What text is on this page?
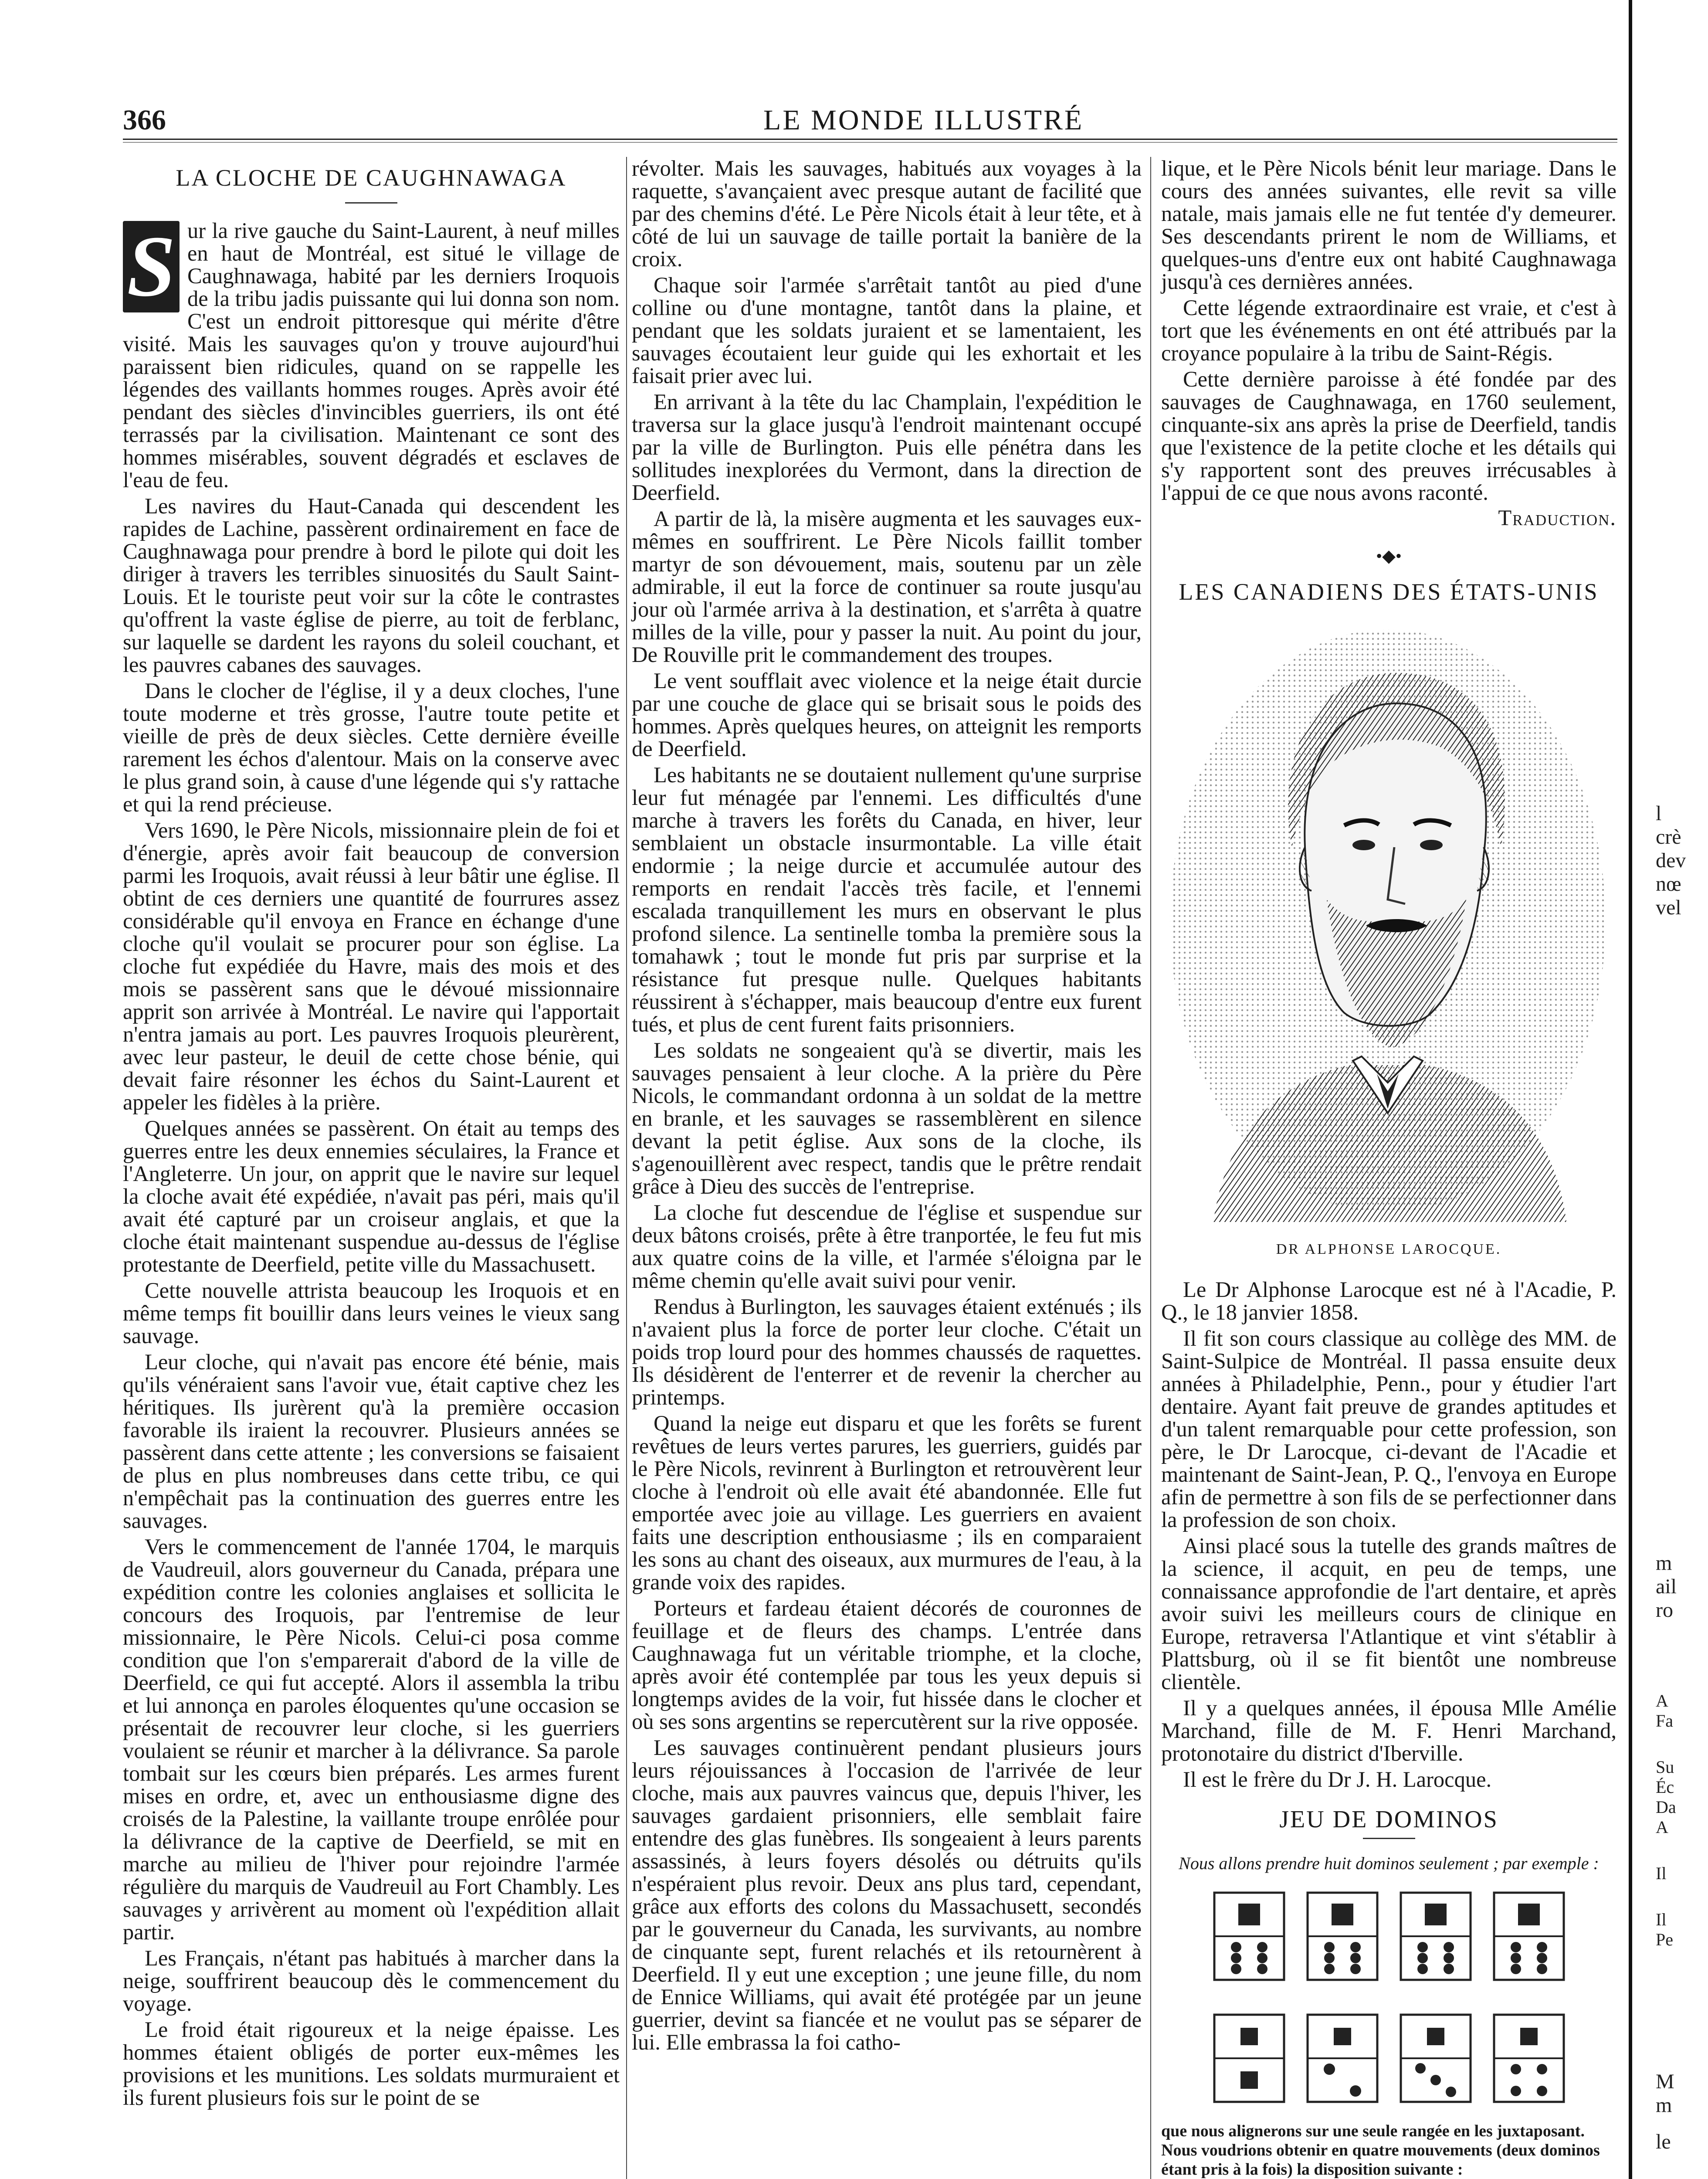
366	LE MONDE ILLUSTRÉ
LA CLOCHE DE CAUGHNAWAGA

S ur la rive gauche du Saint-Laurent, à neuf milles en haut de Montréal, est situé le village de Caughnawaga, habité par les derniers Iroquois de la tribu jadis puissante qui lui donna son nom. C'est un endroit pittoresque qui mérite d'être visité. Mais les sauvages qu'on y trouve aujourd'hui paraissent bien ridicules, quand on se rappelle les légendes des vaillants hommes rouges. Après avoir été pendant des siècles d'invincibles guerriers, ils ont été terrassés par la civilisation. Maintenant ce sont des hommes misérables, souvent dégradés et esclaves de l'eau de feu.

Les navires du Haut-Canada qui descendent les rapides de Lachine, passèrent ordinairement en face de Caughnawaga pour prendre à bord le pilote qui doit les diriger à travers les terribles sinuosités du Sault Saint-Louis. Et le touriste peut voir sur la côte le contrastes qu'offrent la vaste église de pierre, au toit de ferblanc, sur laquelle se dardent les rayons du soleil couchant, et les pauvres cabanes des sauvages.

Dans le clocher de l'église, il y a deux cloches, l'une toute moderne et très grosse, l'autre toute petite et vieille de près de deux siècles. Cette dernière éveille rarement les échos d'alentour. Mais on la conserve avec le plus grand soin, à cause d'une légende qui s'y rattache et qui la rend précieuse.

Vers 1690, le Père Nicols, missionnaire plein de foi et d'énergie, après avoir fait beaucoup de conversion parmi les Iroquois, avait réussi à leur bâtir une église. Il obtint de ces derniers une quantité de fourrures assez considérable qu'il envoya en France en échange d'une cloche qu'il voulait se procurer pour son église. La cloche fut expédiée du Havre, mais des mois et des mois se passèrent sans que le dévoué missionnaire apprit son arrivée à Montréal. Le navire qui l'apportait n'entra jamais au port. Les pauvres Iroquois pleurèrent, avec leur pasteur, le deuil de cette chose bénie, qui devait faire résonner les échos du Saint-Laurent et appeler les fidèles à la prière.

Quelques années se passèrent. On était au temps des guerres entre les deux ennemies séculaires, la France et l'Angleterre. Un jour, on apprit que le navire sur lequel la cloche avait été expédiée, n'avait pas péri, mais qu'il avait été capturé par un croiseur anglais, et que la cloche était maintenant suspendue au-dessus de l'église protestante de Deerfield, petite ville du Massachusett.

Cette nouvelle attrista beaucoup les Iroquois et en même temps fit bouillir dans leurs veines le vieux sang sauvage.

Leur cloche, qui n'avait pas encore été bénie, mais qu'ils vénéraient sans l'avoir vue, était captive chez les héritiques. Ils jurèrent qu'à la première occasion favorable ils iraient la recouvrer. Plusieurs années se passèrent dans cette attente ; les conversions se faisaient de plus en plus nombreuses dans cette tribu, ce qui n'empêchait pas la continuation des guerres entre les sauvages.

Vers le commencement de l'année 1704, le marquis de Vaudreuil, alors gouverneur du Canada, prépara une expédition contre les colonies anglaises et sollicita le concours des Iroquois, par l'entremise de leur missionnaire, le Père Nicols. Celui-ci posa comme condition que l'on s'emparerait d'abord de la ville de Deerfield, ce qui fut accepté. Alors il assembla la tribu et lui annonça en paroles éloquentes qu'une occasion se présentait de recouvrer leur cloche, si les guerriers voulaient se réunir et marcher à la délivrance. Sa parole tombait sur les cœurs bien préparés. Les armes furent mises en ordre, et, avec un enthousiasme digne des croisés de la Palestine, la vaillante troupe enrôlée pour la délivrance de la captive de Deerfield, se mit en marche au milieu de l'hiver pour rejoindre l'armée régulière du marquis de Vaudreuil au Fort Chambly. Les sauvages y arrivèrent au moment où l'expédition allait partir.

Les Français, n'étant pas habitués à marcher dans la neige, souffrirent beaucoup dès le commencement du voyage.

Le froid était rigoureux et la neige épaisse. Les hommes étaient obligés de porter eux-mêmes les provisions et les munitions. Les soldats murmuraient et ils furent plusieurs fois sur le point de se

révolter. Mais les sauvages, habitués aux voyages à la raquette, s'avançaient avec presque autant de facilité que par des chemins d'été. Le Père Nicols était à leur tête, et à côté de lui un sauvage de taille portait la banière de la croix.

Chaque soir l'armée s'arrêtait tantôt au pied d'une colline ou d'une montagne, tantôt dans la plaine, et pendant que les soldats juraient et se lamentaient, les sauvages écoutaient leur guide qui les exhortait et les faisait prier avec lui.

En arrivant à la tête du lac Champlain, l'expédition le traversa sur la glace jusqu'à l'endroit maintenant occupé par la ville de Burlington. Puis elle pénétra dans les sollitudes inexplorées du Vermont, dans la direction de Deerfield.

A partir de là, la misère augmenta et les sauvages eux-mêmes en souffrirent. Le Père Nicols faillit tomber martyr de son dévouement, mais, soutenu par un zèle admirable, il eut la force de continuer sa route jusqu'au jour où l'armée arriva à la destination, et s'arrêta à quatre milles de la ville, pour y passer la nuit. Au point du jour, De Rouville prit le commandement des troupes.

Le vent soufflait avec violence et la neige était durcie par une couche de glace qui se brisait sous le poids des hommes. Après quelques heures, on atteignit les remports de Deerfield.

Les habitants ne se doutaient nullement qu'une surprise leur fut ménagée par l'ennemi. Les difficultés d'une marche à travers les forêts du Canada, en hiver, leur semblaient un obstacle insurmontable. La ville était endormie ; la neige durcie et accumulée autour des remports en rendait l'accès très facile, et l'ennemi escalada tranquillement les murs en observant le plus profond silence. La sentinelle tomba la première sous la tomahawk ; tout le monde fut pris par surprise et la résistance fut presque nulle. Quelques habitants réussirent à s'échapper, mais beaucoup d'entre eux furent tués, et plus de cent furent faits prisonniers.

Les soldats ne songeaient qu'à se divertir, mais les sauvages pensaient à leur cloche. A la prière du Père Nicols, le commandant ordonna à un soldat de la mettre en branle, et les sauvages se rassemblèrent en silence devant la petit église. Aux sons de la cloche, ils s'agenouillèrent avec respect, tandis que le prêtre rendait grâce à Dieu des succès de l'entreprise.

La cloche fut descendue de l'église et suspendue sur deux bâtons croisés, prête à être tranportée, le feu fut mis aux quatre coins de la ville, et l'armée s'éloigna par le même chemin qu'elle avait suivi pour venir.

Rendus à Burlington, les sauvages étaient exténués ; ils n'avaient plus la force de porter leur cloche. C'était un poids trop lourd pour des hommes chaussés de raquettes. Ils désidèrent de l'enterrer et de revenir la chercher au printemps.

Quand la neige eut disparu et que les forêts se furent revêtues de leurs vertes parures, les guerriers, guidés par le Père Nicols, revinrent à Burlington et retrouvèrent leur cloche à l'endroit où elle avait été abandonnée. Elle fut emportée avec joie au village. Les guerriers en avaient faits une description enthousiasme ; ils en comparaient les sons au chant des oiseaux, aux murmures de l'eau, à la grande voix des rapides.

Porteurs et fardeau étaient décorés de couronnes de feuillage et de fleurs des champs. L'entrée dans Caughnawaga fut un véritable triomphe, et la cloche, après avoir été contemplée par tous les yeux depuis si longtemps avides de la voir, fut hissée dans le clocher et où ses sons argentins se repercutèrent sur la rive opposée.

Les sauvages continuèrent pendant plusieurs jours leurs réjouissances à l'occasion de l'arrivée de leur cloche, mais aux pauvres vaincus que, depuis l'hiver, les sauvages gardaient prisonniers, elle semblait faire entendre des glas funèbres. Ils songeaient à leurs parents assassinés, à leurs foyers désolés ou détruits qu'ils n'espéraient plus revoir. Deux ans plus tard, cependant, grâce aux efforts des colons du Massachusett, secondés par le gouverneur du Canada, les survivants, au nombre de cinquante sept, furent relachés et ils retournèrent à Deerfield. Il y eut une exception ; une jeune fille, du nom de Ennice Williams, qui avait été protégée par un jeune guerrier, devint sa fiancée et ne voulut pas se séparer de lui. Elle embrassa la foi catho-

lique, et le Père Nicols bénit leur mariage. Dans le cours des années suivantes, elle revit sa ville natale, mais jamais elle ne fut tentée d'y demeurer. Ses descendants prirent le nom de Williams, et quelques-uns d'entre eux ont habité Caughnawaga jusqu'à ces dernières années.

Cette légende extraordinaire est vraie, et c'est à tort que les événements en ont été attribués par la croyance populaire à la tribu de Saint-Régis.

Cette dernière paroisse à été fondée par des sauvages de Caughnawaga, en 1760 seulement, cinquante-six ans après la prise de Deerfield, tandis que l'existence de la petite cloche et les détails qui s'y rapportent sont des preuves irrécusables à l'appui de ce que nous avons raconté.

Traduction.
•◆•
LES CANADIENS DES ÉTATS-UNIS
DR ALPHONSE LAROCQUE.

Le Dr Alphonse Larocque est né à l'Acadie, P. Q., le 18 janvier 1858.

Il fit son cours classique au collège des MM. de Saint-Sulpice de Montréal. Il passa ensuite deux années à Philadelphie, Penn., pour y étudier l'art dentaire. Ayant fait preuve de grandes aptitudes et d'un talent remarquable pour cette profession, son père, le Dr Larocque, ci-devant de l'Acadie et maintenant de Saint-Jean, P. Q., l'envoya en Europe afin de permettre à son fils de se perfectionner dans la profession de son choix.

Ainsi placé sous la tutelle des grands maîtres de la science, il acquit, en peu de temps, une connaissance approfondie de l'art dentaire, et après avoir suivi les meilleurs cours de clinique en Europe, retraversa l'Atlantique et vint s'établir à Plattsburg, où il se fit bientôt une nombreuse clientèle.

Il y a quelques années, il épousa Mlle Amélie Marchand, fille de M. F. Henri Marchand, protonotaire du district d'Iberville.

Il est le frère du Dr J. H. Larocque.

JEU DE DOMINOS
Nous allons prendre huit dominos seulement ; par exemple :
que nous alignerons sur une seule rangée en les juxtaposant. Nous voudrions obtenir en quatre mouvements (deux dominos étant pris à la fois) la disposition suivante :
l
crè
dev
nœ
vel
m
ail
ro
A
Fa
Su
Éc
Da
A
Il
Il
Pe
M
m
le
